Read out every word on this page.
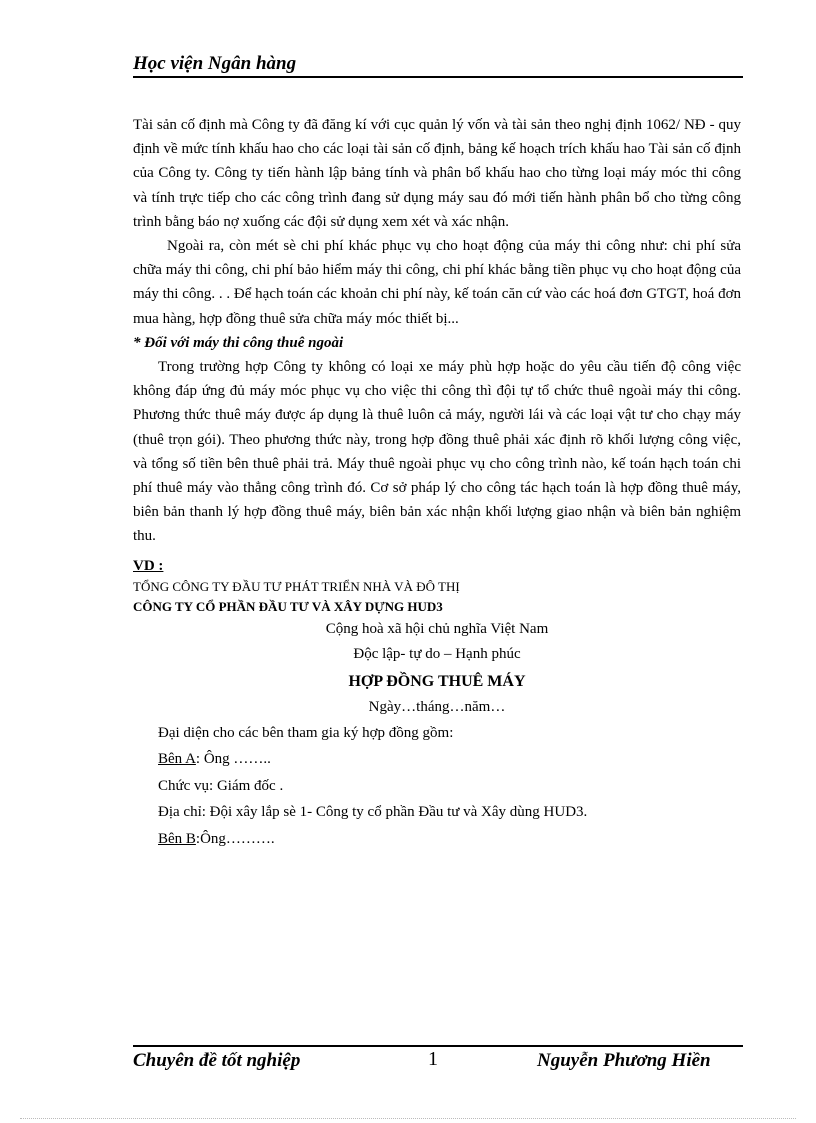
Học viện Ngân hàng

Tài sản cố định mà Công ty đã đăng kí với cục quản lý vốn và tài sản theo nghị định 1062/ NĐ - quy định về mức tính khấu hao cho các loại tài sản cố định, bảng kế hoạch trích khấu hao Tài sản cố định của Công ty. Công ty tiến hành lập bảng tính và phân bổ khấu hao cho từng loại máy móc thi công và tính trực tiếp cho các công trình đang sử dụng máy sau đó mới tiến hành phân bổ cho từng công trình bằng báo nợ xuống các đội sử dụng xem xét và xác nhận.

Ngoài ra, còn mét sè chi phí khác phục vụ cho hoạt động của máy thi công như: chi phí sửa chữa máy thi công, chi phí bảo hiểm máy thi công, chi phí khác bằng tiền phục vụ cho hoạt động của máy thi công. . . Để hạch toán các khoản chi phí này, kế toán căn cứ vào các hoá đơn GTGT, hoá đơn mua hàng, hợp đồng thuê sửa chữa máy móc thiết bị...

* Đối với máy thi công thuê ngoài

Trong trường hợp Công ty không có loại xe máy phù hợp hoặc do yêu cầu tiến độ công việc không đáp ứng đủ máy móc phục vụ cho việc thi công thì đội tự tổ chức thuê ngoài máy thi công. Phương thức thuê máy được áp dụng là thuê luôn cả máy, người lái và các loại vật tư cho chạy máy (thuê trọn gói). Theo phương thức này, trong hợp đồng thuê phải xác định rõ khối lượng công việc, và tổng số tiền bên thuê phải trả. Máy thuê ngoài phục vụ cho công trình nào, kế toán hạch toán chi phí thuê máy vào thẳng công trình đó. Cơ sở pháp lý cho công tác hạch toán là hợp đồng thuê máy, biên bản thanh lý hợp đồng thuê máy, biên bản xác nhận khối lượng giao nhận và biên bản nghiệm thu.

VD :

TỔNG CÔNG TY ĐẦU TƯ PHÁT TRIỂN NHÀ VÀ ĐÔ THỊ

CÔNG TY CỔ PHẦN ĐẦU TƯ VÀ XÂY DỰNG HUD3

Cộng hoà xã hội chủ nghĩa Việt Nam

Độc lập- tự do – Hạnh phúc

HỢP ĐỒNG THUÊ MÁY

Ngày…tháng…năm…

Đại diện cho các bên tham gia ký hợp đồng gồm:

Bên A: Ông ……..

Chức vụ: Giám đốc .

Địa chỉ: Đội xây lắp sè 1- Công ty cổ phần Đầu tư và Xây dùng HUD3.

Bên B:Ông……….

Chuyên đề tốt nghiệp	1	Nguyễn Phương Hiền
